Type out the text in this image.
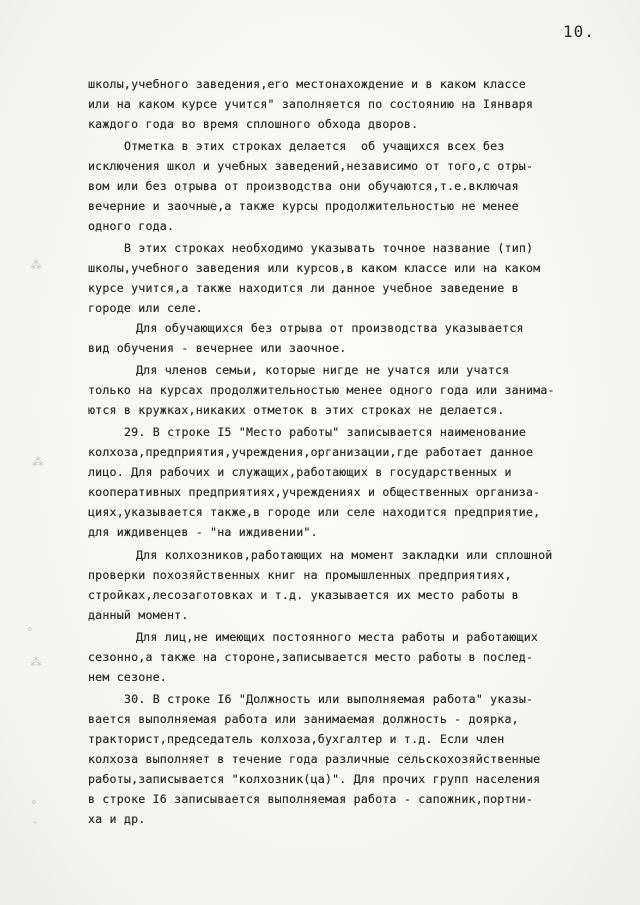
10.
школы,учебного заведения,его местонахождение и в каком классе
или на каком курсе учится" заполняется по состоянию на Iянваря
каждого года во время сплошного обхода дворов.
Отметка в этих строках делается  об учащихся всех без
исключения школ и учебных заведений,независимо от того,с отры-
вом или без отрыва от производства они обучаются,т.е.включая
вечерние и заочные,а также курсы продолжительностью не менее
одного года.
В этих строках необходимо указывать точное название (тип)
школы,учебного заведения или курсов,в каком классе или на каком
курсе учится,а также находится ли данное учебное заведение в
городе или селе.
Для обучающихся без отрыва от производства указывается
вид обучения - вечернее или заочное.
Для членов семьи, которые нигде не учатся или учатся
только на курсах продолжительностью менее одного года или занима-
ются в кружках,никаких отметок в этих строках не делается.
29. В строке I5 "Место работы" записывается наименование
колхоза,предприятия,учреждения,организации,где работает данное
лицо. Для рабочих и служащих,работающих в государственных и
кооперативных предприятиях,учреждениях и общественных организа-
циях,указывается также,в городе или селе находится предприятие,
для иждивенцев - "на иждивении".
Для колхозников,работающих на момент закладки или сплошной
проверки похозяйственных книг на промышленных предприятиях,
стройках,лесозаготовках и т.д. указывается их место работы в
данный момент.
Для лиц,не имеющих постоянного места работы и работающих
сезонно,а также на стороне,записывается место работы в послед-
нем сезоне.
30. В строке I6 "Должность или выполняемая работа" указы-
вается выполняемая работа или занимаемая должность - доярка,
тракторист,председатель колхоза,бухгалтер и т.д. Если член
колхоза выполняет в течение года различные сельскохозяйственные
работы,записывается "колхозник(ца)". Для прочих групп населения
в строке I6 записывается выполняемая работа - сапожник,портни-
ха и др.
⁂
⁂
∘
⁂
∘
ˇ
